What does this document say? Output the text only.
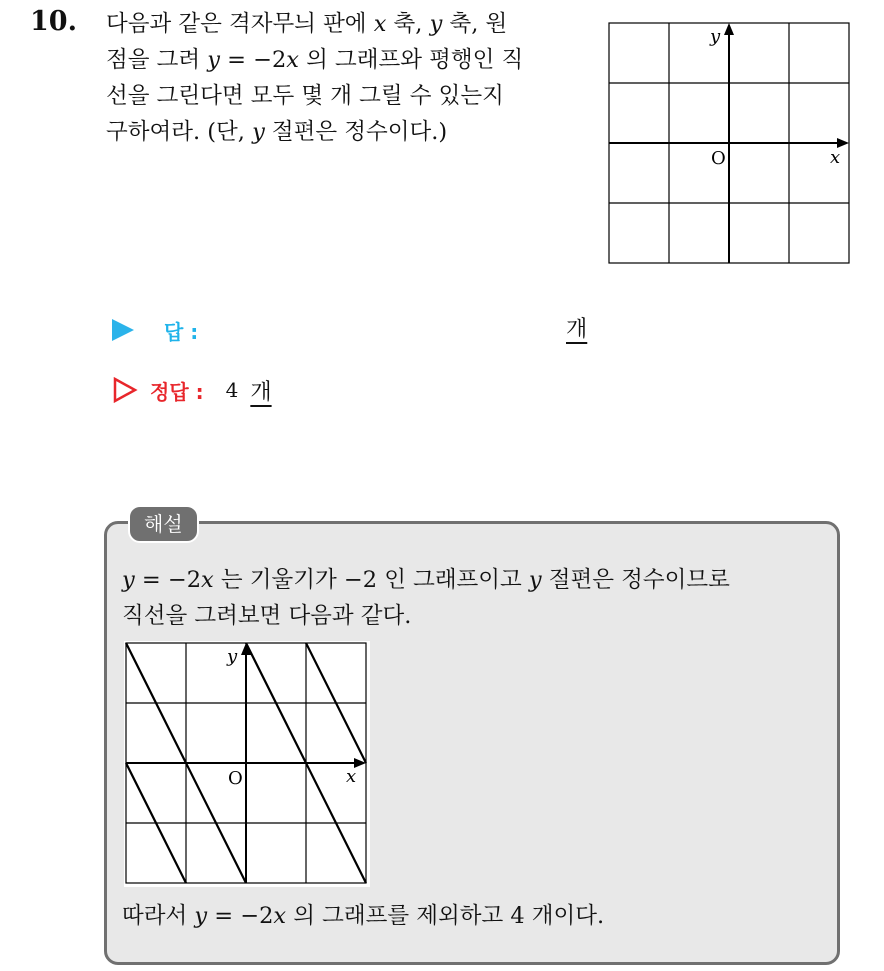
10. 다음과 같은 격자무늬 판에 x 축, y 축, 원
점을 그려 y = −2x 의 그래프와 평행인 직
선을 그린다면 모두 몇 개 그릴 수 있는지
구하여라. (단, y 절편은 정수이다.)

y
x
O
답 :	개
정답 : 4 개
해설

y = −2x 는 기울기가 −2 인 그래프이고 y 절편은 정수이므로
직선을 그려보면 다음과 같다.

y
x
O

따라서 y = −2x 의 그래프를 제외하고 4 개이다.
